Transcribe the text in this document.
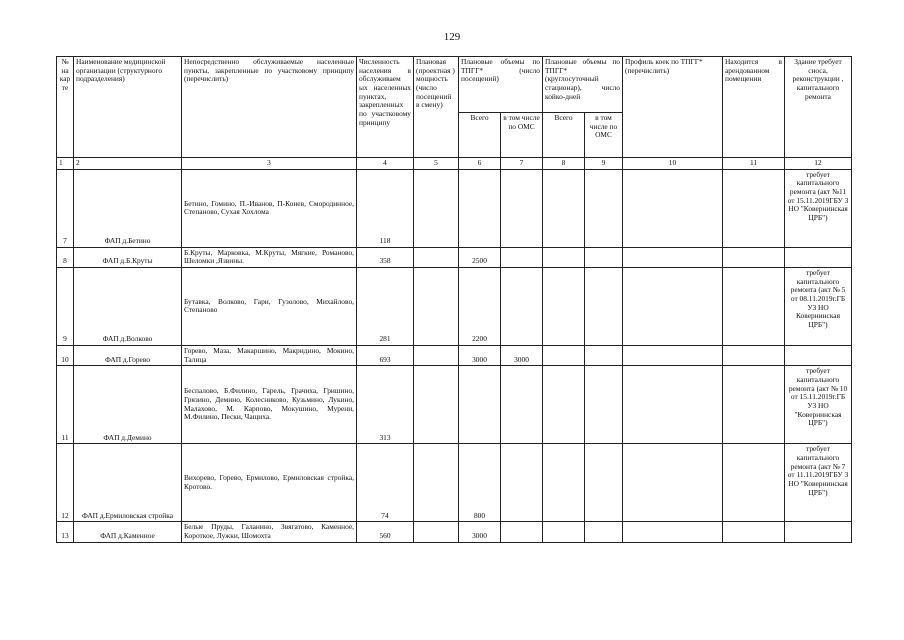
129
№ на кар те	Наименование медицинской организации (структурного подразделения)	Непосредственно обслуживаемые населенные пункты, закрепленные по участковому принципу (перечислить)	Численность населения в обслуживаем ых населенных пунктах, закрепленных по участковому принципу	Плановая (проектная ) мощность (число посещений в смену)	Плановые объемы по ТПГГ* (число посещений)		Плановые объемы по ТПГГ* (круглосуточный стационар), число койко-дней		Профиль коек по ТПГГ* (перечислить)	Находится в арендованном помещении	Здание требует сноса, реконструкции , капитального ремонта
					Всего	в том числе по ОМС	Всего	в том числе по ОМС			
1	2	3	4	5	6	7	8	9	10	11	12
7	ФАП д.Бетино	Бетино, Гомино, П.-Иванов, П-Конев, Смородинное, Степаново, Сухая Хохлома	118								требует капитального ремонта (акт №11 от 15.11.2019ГБУ З НО "Ковернинская ЦРБ")
8	ФАП д.Б.Круты	Б.Круты, Марковка, М.Круты, Мягкие, Романово, Шеломки ,Язвины.	358		2500						
9	ФАП д.Волково	Бутавка, Волково, Гари, Гузолово, Михайлово, Степаново	281		2200						требует капитального ремонта (акт № 5 от 08.11.2019г.ГБ УЗ НО Ковернинская ЦРБ")
10	ФАП д.Горево	Горево, Маза, Макаршино, Макридино, Мокино, Талица	693		3000	3000					
11	ФАП д.Демино	Беспалово, Б.Филино, Гарель, Грачиха, Гришино, Грязино, Демино, Колесниково, Кузьмино, Лукино, Малахово, М. Карпово, Мокушино, Мурени, М.Филино, Пески, Чащиха.	313								требует капитального ремонта (акт № 10 от 15.11.2019г.ГБ УЗ НО "Ковернинская ЦРБ")
12	ФАП д.Ермиловская стройка	Вихорево, Горево, Ермилово, Ермиловская стройка, Кротово.	74		800						требует капитального ремонта (акт № 7 от 11.11.2019ГБУ З НО "Ковернинская ЦРБ")
13	ФАП д.Каменное	Белые Пруды, Галанино, Звягатово, Каменное, Короткое, Лужки, Шомохта	560		3000						
